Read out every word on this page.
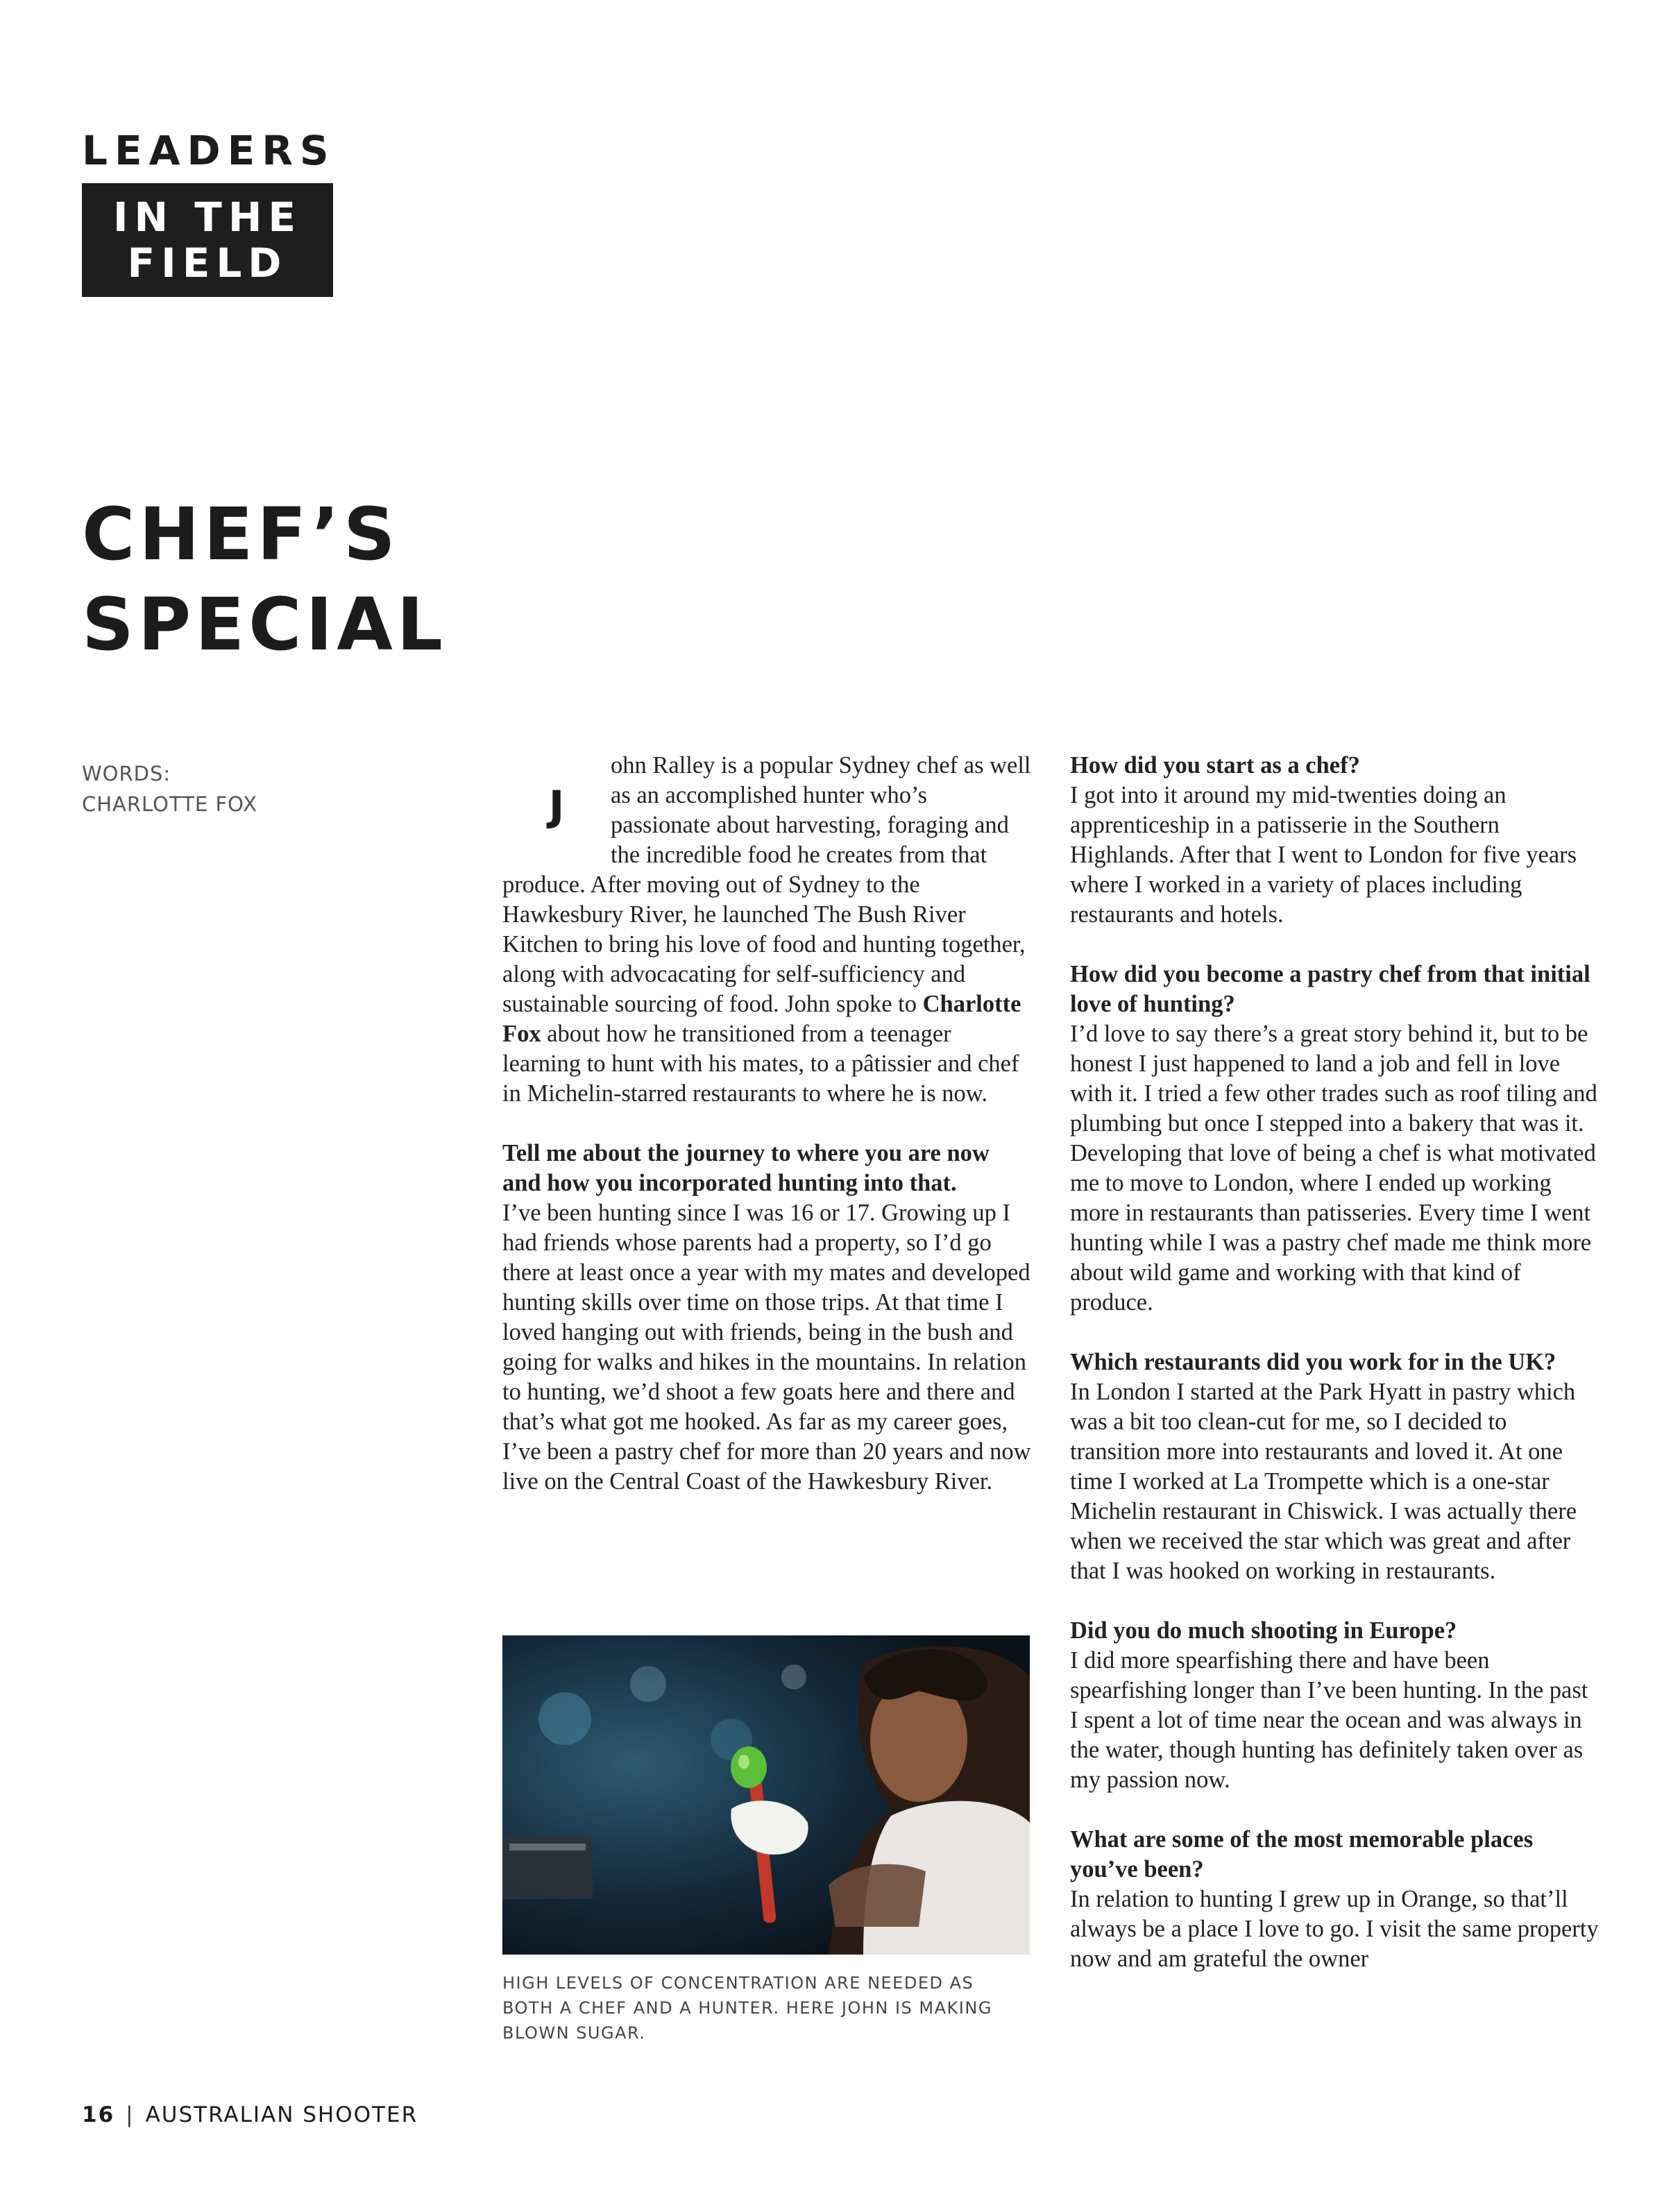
LEADERS
IN THE
FIELD
CHEF’S
SPECIAL
WORDS:
CHARLOTTE FOX	J
ohn Ralley is a popular Sydney chef as well as an accomplished hunter who’s passionate about harvesting, foraging and the incredible food he creates from that produce. After moving out of Sydney to the Hawkesbury River, he launched The Bush River Kitchen to bring his love of food and hunting together, along with advocacating for self-sufficiency and sustainable sourcing of food. John spoke to Charlotte Fox about how he transitioned from a teenager learning to hunt with his mates, to a pâtissier and chef in Michelin-starred restaurants to where he is now.

Tell me about the journey to where you are now and how you incorporated hunting into that.
I’ve been hunting since I was 16 or 17. Growing up I had friends whose parents had a property, so I’d go there at least once a year with my mates and developed hunting skills over time on those trips. At that time I loved hanging out with friends, being in the bush and going for walks and hikes in the mountains. In relation to hunting, we’d shoot a few goats here and there and that’s what got me hooked. As far as my career goes, I’ve been a pastry chef for more than 20 years and now live on the Central Coast of the Hawkesbury River.

HIGH LEVELS OF CONCENTRATION ARE NEEDED AS BOTH A CHEF AND A HUNTER. HERE JOHN IS MAKING BLOWN SUGAR.

How did you start as a chef?
I got into it around my mid-twenties doing an apprenticeship in a patisserie in the Southern Highlands. After that I went to London for five years where I worked in a variety of places including restaurants and hotels.

How did you become a pastry chef from that initial love of hunting?
I’d love to say there’s a great story behind it, but to be honest I just happened to land a job and fell in love with it. I tried a few other trades such as roof tiling and plumbing but once I stepped into a bakery that was it. Developing that love of being a chef is what motivated me to move to London, where I ended up working more in restaurants than patisseries. Every time I went hunting while I was a pastry chef made me think more about wild game and working with that kind of produce.

Which restaurants did you work for in the UK?
In London I started at the Park Hyatt in pastry which was a bit too clean-cut for me, so I decided to transition more into restaurants and loved it. At one time I worked at La Trompette which is a one-star Michelin restaurant in Chiswick. I was actually there when we received the star which was great and after that I was hooked on working in restaurants.

Did you do much shooting in Europe?
I did more spearfishing there and have been spearfishing longer than I’ve been hunting. In the past I spent a lot of time near the ocean and was always in the water, though hunting has definitely taken over as my passion now.

What are some of the most memorable places you’ve been?
In relation to hunting I grew up in Orange, so that’ll always be a place I love to go. I visit the same property now and am grateful the owner

16 | AUSTRALIAN SHOOTER
